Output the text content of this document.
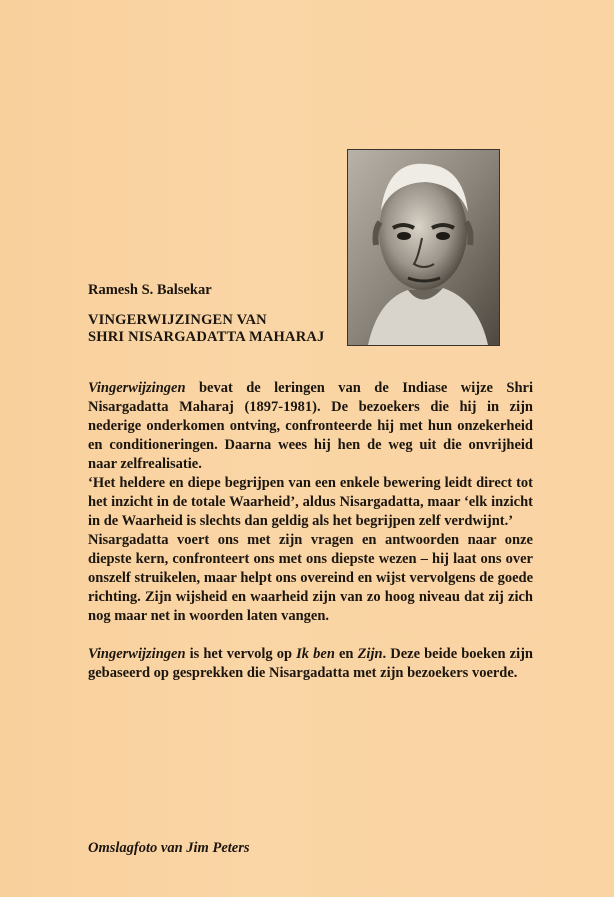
Ramesh S. Balsekar
VINGERWIJZINGEN VAN
SHRI NISARGADATTA MAHARAJ

Vingerwijzingen bevat de leringen van de Indiase wijze Shri Nisargadatta Maharaj (1897-1981). De bezoekers die hij in zijn nederige onderkomen ontving, confronteerde hij met hun onzekerheid en conditioneringen. Daarna wees hij hen de weg uit die onvrijheid naar zelfrealisatie.

‘Het heldere en diepe begrijpen van een enkele bewering leidt direct tot het inzicht in de totale Waarheid’, aldus Nisargadatta, maar ‘elk inzicht in de Waarheid is slechts dan geldig als het begrijpen zelf verdwijnt.’

Nisargadatta voert ons met zijn vragen en antwoorden naar onze diepste kern, confronteert ons met ons diepste wezen – hij laat ons over onszelf struikelen, maar helpt ons overeind en wijst vervolgens de goede richting. Zijn wijsheid en waarheid zijn van zo hoog niveau dat zij zich nog maar net in woorden laten vangen.

Vingerwijzingen is het vervolg op Ik ben en Zijn. Deze beide boeken zijn gebaseerd op gesprekken die Nisargadatta met zijn bezoekers voerde.

Omslagfoto van Jim Peters
